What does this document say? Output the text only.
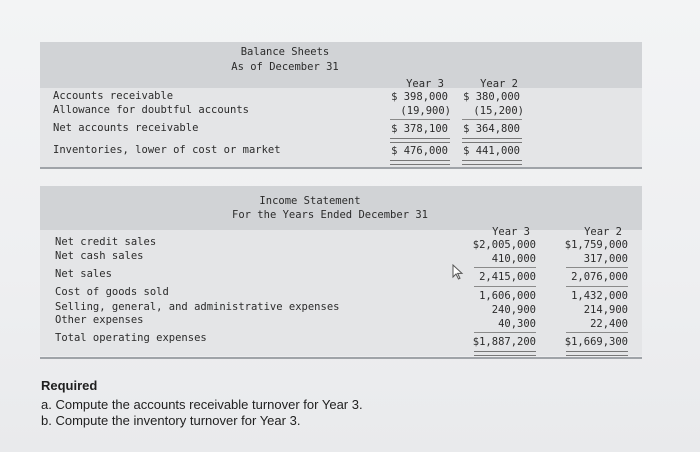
Balance Sheets
As of December 31
Year 3	Year 2
Accounts receivable	$ 398,000	$ 380,000
Allowance for doubtful accounts	(19,900)	(15,200)
Net accounts receivable	$ 378,100	$ 364,800
Inventories, lower of cost or market	$ 476,000	$ 441,000
Income Statement
For the Years Ended December 31
Year 3	Year 2
Net credit sales	$2,005,000	$1,759,000
Net cash sales	410,000	317,000
Net sales	2,415,000	2,076,000
Cost of goods sold	1,606,000	1,432,000
Selling, general, and administrative expenses	240,900	214,900
Other expenses	40,300	22,400
Total operating expenses	$1,887,200	$1,669,300
Required
a. Compute the accounts receivable turnover for Year 3.
b. Compute the inventory turnover for Year 3.
